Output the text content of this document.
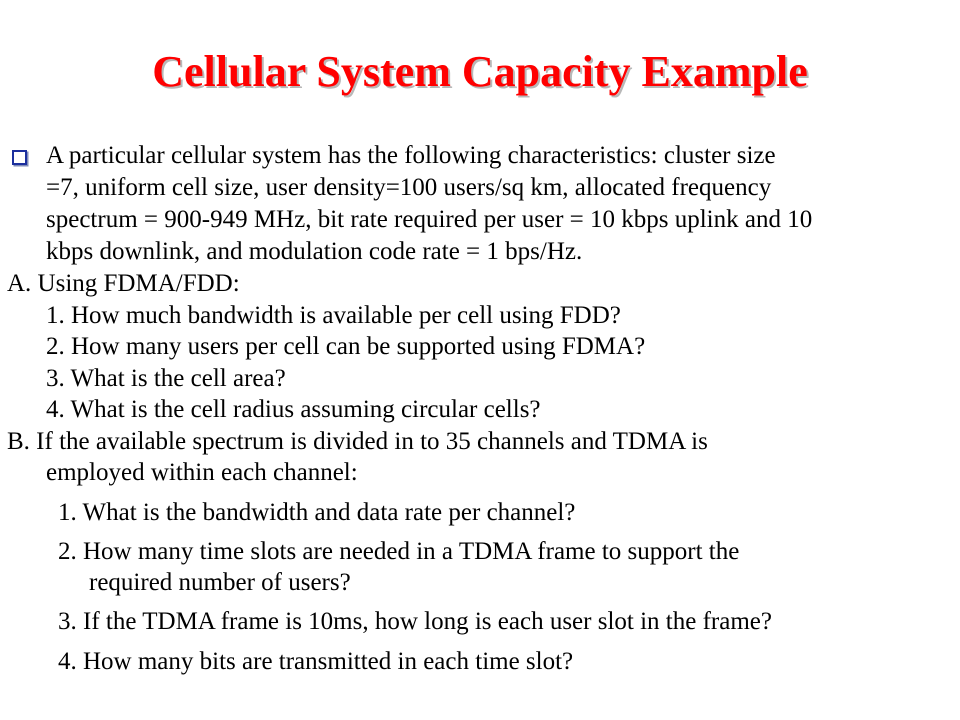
Cellular System Capacity Example
A particular cellular system has the following characteristics: cluster size
=7, uniform cell size, user density=100 users/sq km, allocated frequency
spectrum = 900-949 MHz, bit rate required per user = 10 kbps uplink and 10
kbps downlink, and modulation code rate = 1 bps/Hz.
A. Using FDMA/FDD:
1. How much bandwidth is available per cell using FDD?
2. How many users per cell can be supported using FDMA?
3. What is the cell area?
4. What is the cell radius assuming circular cells?
B. If the available spectrum is divided in to 35 channels and TDMA is
employed within each channel:
1. What is the bandwidth and data rate per channel?
2. How many time slots are needed in a TDMA frame to support the
required number of users?
3. If the TDMA frame is 10ms, how long is each user slot in the frame?
4. How many bits are transmitted in each time slot?
